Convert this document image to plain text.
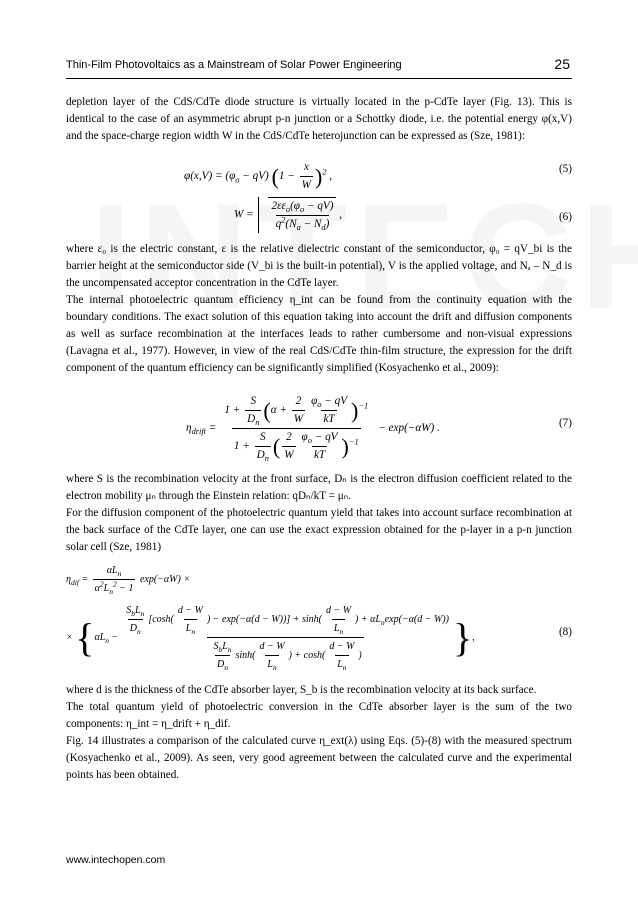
Thin-Film Photovoltaics as a Mainstream of Solar Power Engineering	25

depletion layer of the CdS/CdTe diode structure is virtually located in the p-CdTe layer (Fig. 13). This is identical to the case of an asymmetric abrupt p-n junction or a Schottky diode, i.e. the potential energy φ(x,V) and the space-charge region width W in the CdS/CdTe heterojunction can be expressed as (Sze, 1981):

$\varphi(x,V) = (\varphi_o - qV) (1 - \frac{x}{W} )^2$ ,
(5)
W =
$2\varepsilon\varepsilon_o(\varphi_o - qV)$
$q^2(N_a - N_d)$
,	(6)

where ε₀ is the electric constant, ε is the relative dielectric constant of the semiconductor, φ₀ = qV_bi is the barrier height at the semiconductor side (V_bi is the built-in potential), V is the applied voltage, and Nₐ – N_d is the uncompensated acceptor concentration in the CdTe layer.

The internal photoelectric quantum efficiency η_int can be found from the continuity equation with the boundary conditions. The exact solution of this equation taking into account the drift and diffusion components as well as surface recombination at the interfaces leads to rather cumbersome and non-visual expressions (Lavagna et al., 1977). However, in view of the real CdS/CdTe thin-film structure, the expression for the drift component of the quantum efficiency can be significantly simplified (Kosyachenko et al., 2009):

$\eta_{drift} = \frac{1 + \frac{S}{D_n} (\alpha + \frac{2}{W} \frac{\varphi_o - qV}{kT} )^{-1}}{1 + \frac{S}{D_n} ( \frac{2}{W} \frac{\varphi_o - qV}{kT} )^{-1}} - \exp(-\alpha W)$ .	(7)

where S is the recombination velocity at the front surface, Dₙ is the electron diffusion coefficient related to the electron mobility μₙ through the Einstein relation: qDₙ/kT = μₙ.

For the diffusion component of the photoelectric quantum yield that takes into account surface recombination at the back surface of the CdTe layer, one can use the exact expression obtained for the p-layer in a p-n junction solar cell (Sze, 1981)

$\eta_{dif} = \frac{\alpha L_n}{\alpha^2L_n^2 - 1} \exp(-\alpha W)$ ×
× {$\alpha L_n$ −
$\frac{S_bL_n}{D_n} [\cosh( \frac{d - W}{L_n}$ ) − $\exp(-\alpha(d - W))] + \sinh( \frac{d - W}{L_n}$ ) + $\alpha L_n\exp(-\alpha(d - W))$
$\frac{S_bL_n}{D_n} \sinh( \frac{d - W}{L_n}$ ) + $\cosh( \frac{d - W}{L_n}$ ) } ,	(8)

where d is the thickness of the CdTe absorber layer, S_b is the recombination velocity at its back surface.

The total quantum yield of photoelectric conversion in the CdTe absorber layer is the sum of the two components: η_int = η_drift + η_dif.

Fig. 14 illustrates a comparison of the calculated curve η_ext(λ) using Eqs. (5)-(8) with the measured spectrum (Kosyachenko et al., 2009). As seen, very good agreement between the calculated curve and the experimental points has been obtained.

www.intechopen.com
